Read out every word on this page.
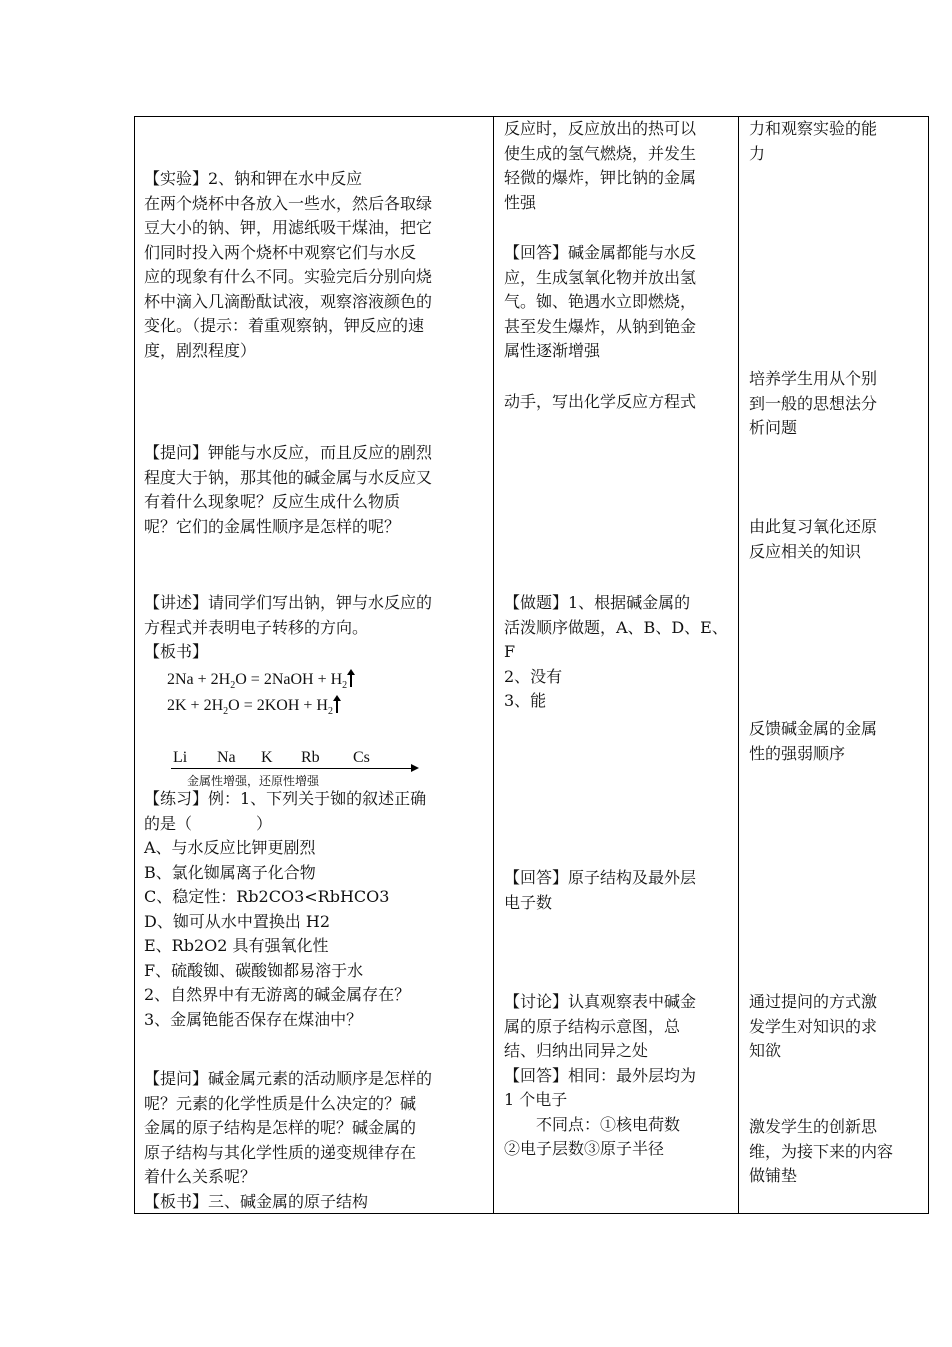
【实验】2、钠和钾在水中反应
在两个烧杯中各放入一些水，然后各取绿
豆大小的钠、钾，用滤纸吸干煤油，把它
们同时投入两个烧杯中观察它们与水反
应的现象有什么不同。实验完后分别向烧
杯中滴入几滴酚酞试液，观察溶液颜色的
变化。（提示：着重观察钠，钾反应的速
度，剧烈程度）
【提问】钾能与水反应，而且反应的剧烈
程度大于钠，那其他的碱金属与水反应又
有着什么现象呢？反应生成什么物质
呢？它们的金属性顺序是怎样的呢？
【讲述】请同学们写出钠，钾与水反应的
方程式并表明电子转移的方向。
【板书】
$2Na + 2H_2O$ = 2NaOH + $H_2$
$2K + 2H_2O = 2KOH + H_2$
Li Na K Rb Cs
金属性增强，还原性增强
【练习】例：1、下列关于铷的叙述正确
的是（　　　　）
A、与水反应比钾更剧烈
B、氯化铷属离子化合物
C、稳定性：Rb2CO3<RbHCO3
D、铷可从水中置换出 H2
E、Rb2O2 具有强氧化性
F、硫酸铷、碳酸铷都易溶于水
2、自然界中有无游离的碱金属存在？
3、金属铯能否保存在煤油中？
【提问】碱金属元素的活动顺序是怎样的
呢？元素的化学性质是什么决定的？碱
金属的原子结构是怎样的呢？碱金属的
原子结构与其化学性质的递变规律存在
着什么关系呢？
【板书】三、碱金属的原子结构
反应时，反应放出的热可以
使生成的氢气燃烧，并发生
轻微的爆炸，钾比钠的金属
性强
【回答】碱金属都能与水反
应，生成氢氧化物并放出氢
气。铷、铯遇水立即燃烧，
甚至发生爆炸，从钠到铯金
属性逐渐增强
动手，写出化学反应方程式
【做题】1、根据碱金属的
活泼顺序做题，A、B、D、E、
F
2、没有
3、能
【回答】原子结构及最外层
电子数
【讨论】认真观察表中碱金
属的原子结构示意图，总
结、归纳出同异之处
【回答】相同：最外层均为
1 个电子
　　不同点：①核电荷数
②电子层数③原子半径
力和观察实验的能
力
培养学生用从个别
到一般的思想法分
析问题
由此复习氧化还原
反应相关的知识
反馈碱金属的金属
性的强弱顺序
通过提问的方式激
发学生对知识的求
知欲
激发学生的创新思
维，为接下来的内容
做铺垫
